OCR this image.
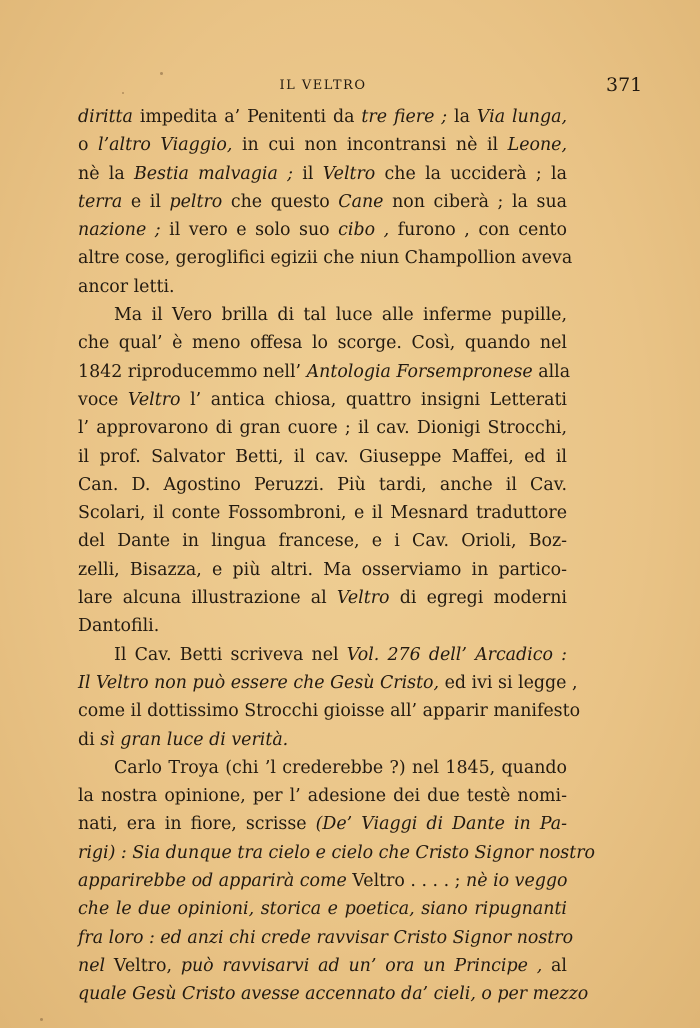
IL VELTRO	371
diritta impedita a’ Penitenti da tre fiere ; la Via lunga,
o l’altro Viaggio, in cui non incontransi nè il Leone,
nè la Bestia malvagia ; il Veltro che la ucciderà ; la
terra e il peltro che questo Cane non ciberà ; la sua
nazione ; il vero e solo suo cibo , furono , con cento
altre cose, geroglifici egizii che niun Champollion aveva
ancor letti.
Ma il Vero brilla di tal luce alle inferme pupille,
che qual’ è meno offesa lo scorge. Così, quando nel
1842 riproducemmo nell’ Antologia Forsempronese alla
voce Veltro l’ antica chiosa, quattro insigni Letterati
l’ approvarono di gran cuore ; il cav. Dionigi Strocchi,
il prof. Salvator Betti, il cav. Giuseppe Maffei, ed il
Can. D. Agostino Peruzzi. Più tardi, anche il Cav.
Scolari, il conte Fossombroni, e il Mesnard traduttore
del Dante in lingua francese, e i Cav. Orioli, Boz-
zelli, Bisazza, e più altri. Ma osserviamo in partico-
lare alcuna illustrazione al Veltro di egregi moderni
Dantofili.
Il Cav. Betti scriveva nel Vol. 276 dell’ Arcadico :
Il Veltro non può essere che Gesù Cristo, ed ivi si legge ,
come il dottissimo Strocchi gioisse all’ apparir manifesto
di sì gran luce di verità.
Carlo Troya (chi ’l crederebbe ?) nel 1845, quando
la nostra opinione, per l’ adesione dei due testè nomi-
nati, era in fiore, scrisse (De’ Viaggi di Dante in Pa-
rigi) : Sia dunque tra cielo e cielo che Cristo Signor nostro
apparirebbe od apparirà come Veltro . . . . ; nè io veggo
che le due opinioni, storica e poetica, siano ripugnanti
fra loro : ed anzi chi crede ravvisar Cristo Signor nostro
nel Veltro, può ravvisarvi ad un’ ora un Principe , al
quale Gesù Cristo avesse accennato da’ cieli, o per mezzo
